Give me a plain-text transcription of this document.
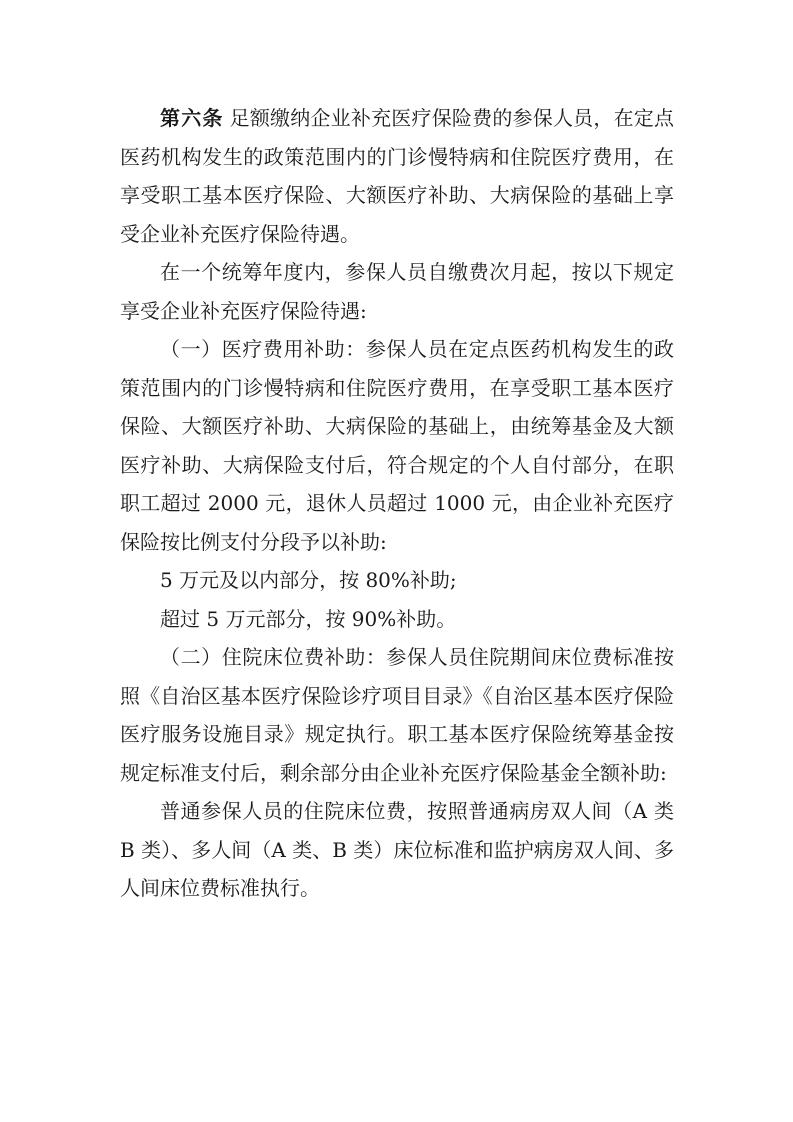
第六条 足额缴纳企业补充医疗保险费的参保人员，在定点医药机构发生的政策范围内的门诊慢特病和住院医疗费用，在享受职工基本医疗保险、大额医疗补助、大病保险的基础上享受企业补充医疗保险待遇。

在一个统筹年度内，参保人员自缴费次月起，按以下规定享受企业补充医疗保险待遇:

（一）医疗费用补助：参保人员在定点医药机构发生的政策范围内的门诊慢特病和住院医疗费用，在享受职工基本医疗保险、大额医疗补助、大病保险的基础上，由统筹基金及大额医疗补助、大病保险支付后，符合规定的个人自付部分，在职职工超过 2000 元，退休人员超过 1000 元，由企业补充医疗保险按比例支付分段予以补助:

5 万元及以内部分，按 80%补助;

超过 5 万元部分，按 90%补助。

（二）住院床位费补助：参保人员住院期间床位费标准按照《自治区基本医疗保险诊疗项目目录》《自治区基本医疗保险医疗服务设施目录》规定执行。职工基本医疗保险统筹基金按规定标准支付后，剩余部分由企业补充医疗保险基金全额补助:

普通参保人员的住院床位费，按照普通病房双人间（A 类 B 类）、多人间（A 类、B 类）床位标准和监护病房双人间、多人间床位费标准执行。
